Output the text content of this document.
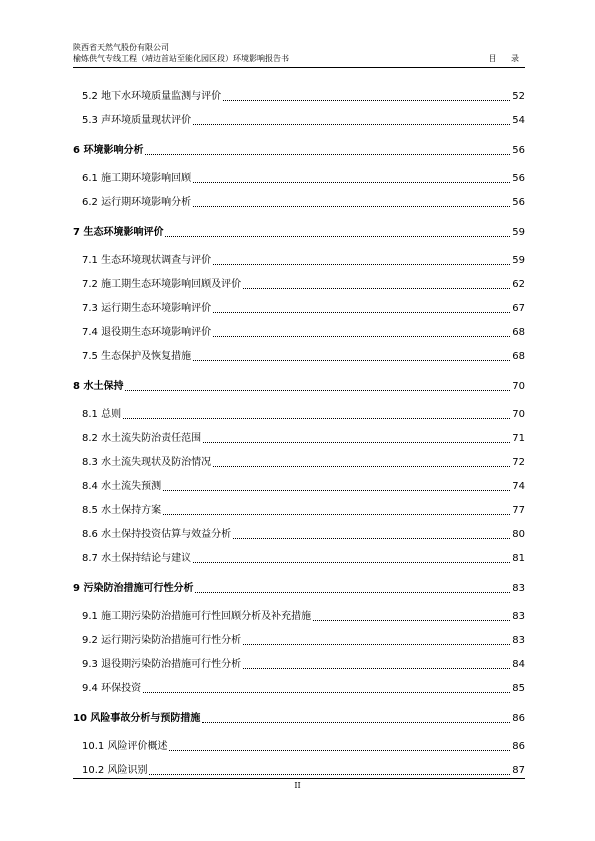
陕西省天然气股份有限公司
榆炼供气专线工程（靖边首站至能化园区段）环境影响报告书	目 录
5.2 地下水环境质量监测与评价	52
5.3 声环境质量现状评价	54
6 环境影响分析	56
6.1 施工期环境影响回顾	56
6.2 运行期环境影响分析	56
7 生态环境影响评价	59
7.1 生态环境现状调查与评价	59
7.2 施工期生态环境影响回顾及评价	62
7.3 运行期生态环境影响评价	67
7.4 退役期生态环境影响评价	68
7.5 生态保护及恢复措施	68
8 水土保持	70
8.1 总则	70
8.2 水土流失防治责任范围	71
8.3 水土流失现状及防治情况	72
8.4 水土流失预测	74
8.5 水土保持方案	77
8.6 水土保持投资估算与效益分析	80
8.7 水土保持结论与建议	81
9 污染防治措施可行性分析	83
9.1 施工期污染防治措施可行性回顾分析及补充措施	83
9.2 运行期污染防治措施可行性分析	83
9.3 退役期污染防治措施可行性分析	84
9.4 环保投资	85
10 风险事故分析与预防措施	86
10.1 风险评价概述	86
10.2 风险识别	87
II
